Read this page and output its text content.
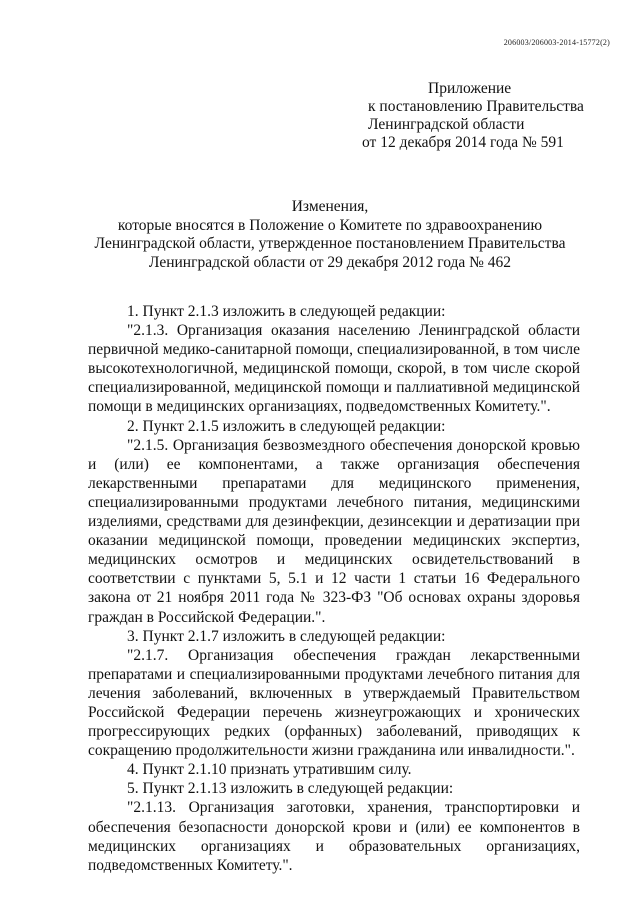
206003/206003-2014-15772(2)
Приложение
к постановлению Правительства
Ленинградской области
от 12 декабря 2014 года № 591
Изменения,
которые вносятся в Положение о Комитете по здравоохранению
Ленинградской области, утвержденное постановлением Правительства
Ленинградской области от 29 декабря 2012 года № 462

1. Пункт 2.1.3 изложить в следующей редакции:

"2.1.3. Организация оказания населению Ленинградской области первичной медико-санитарной помощи, специализированной, в том числе высокотехнологичной, медицинской помощи, скорой, в том числе скорой специализированной, медицинской помощи и паллиативной медицинской помощи в медицинских организациях, подведомственных Комитету.".

2. Пункт 2.1.5 изложить в следующей редакции:

"2.1.5. Организация безвозмездного обеспечения донорской кровью и (или) ее компонентами, а также организация обеспечения лекарственными препаратами для медицинского применения, специализированными продуктами лечебного питания, медицинскими изделиями, средствами для дезинфекции, дезинсекции и дератизации при оказании медицинской помощи, проведении медицинских экспертиз, медицинских осмотров и медицинских освидетельствований в соответствии с пунктами 5, 5.1 и 12 части 1 статьи 16 Федерального закона от 21 ноября 2011 года № 323-ФЗ "Об основах охраны здоровья граждан в Российской Федерации.".

3. Пункт 2.1.7 изложить в следующей редакции:

"2.1.7. Организация обеспечения граждан лекарственными препаратами и специализированными продуктами лечебного питания для лечения заболеваний, включенных в утверждаемый Правительством Российской Федерации перечень жизнеугрожающих и хронических прогрессирующих редких (орфанных) заболеваний, приводящих к сокращению продолжительности жизни гражданина или инвалидности.".

4. Пункт 2.1.10 признать утратившим силу.

5. Пункт 2.1.13 изложить в следующей редакции:

"2.1.13. Организация заготовки, хранения, транспортировки и обеспечения безопасности донорской крови и (или) ее компонентов в медицинских организациях и образовательных организациях, подведомственных Комитету.".
